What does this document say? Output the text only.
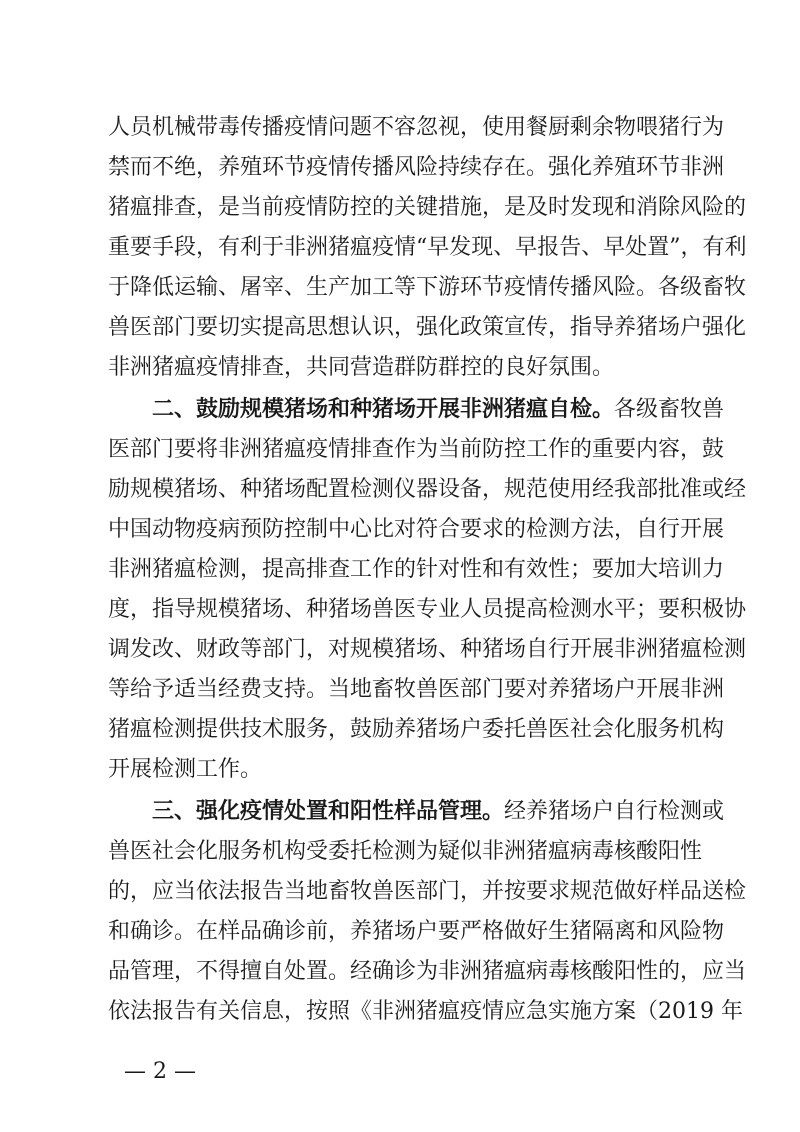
人员机械带毒传播疫情问题不容忽视，使用餐厨剩余物喂猪行为
禁而不绝，养殖环节疫情传播风险持续存在。强化养殖环节非洲
猪瘟排查，是当前疫情防控的关键措施，是及时发现和消除风险的
重要手段，有利于非洲猪瘟疫情“早发现、早报告、早处置”，有利
于降低运输、屠宰、生产加工等下游环节疫情传播风险。各级畜牧
兽医部门要切实提高思想认识，强化政策宣传，指导养猪场户强化
非洲猪瘟疫情排查，共同营造群防群控的良好氛围。
二、鼓励规模猪场和种猪场开展非洲猪瘟自检。各级畜牧兽
医部门要将非洲猪瘟疫情排查作为当前防控工作的重要内容，鼓
励规模猪场、种猪场配置检测仪器设备，规范使用经我部批准或经
中国动物疫病预防控制中心比对符合要求的检测方法，自行开展
非洲猪瘟检测，提高排查工作的针对性和有效性；要加大培训力
度，指导规模猪场、种猪场兽医专业人员提高检测水平；要积极协
调发改、财政等部门，对规模猪场、种猪场自行开展非洲猪瘟检测
等给予适当经费支持。当地畜牧兽医部门要对养猪场户开展非洲
猪瘟检测提供技术服务，鼓励养猪场户委托兽医社会化服务机构
开展检测工作。
三、强化疫情处置和阳性样品管理。经养猪场户自行检测或
兽医社会化服务机构受委托检测为疑似非洲猪瘟病毒核酸阳性
的，应当依法报告当地畜牧兽医部门，并按要求规范做好样品送检
和确诊。在样品确诊前，养猪场户要严格做好生猪隔离和风险物
品管理，不得擅自处置。经确诊为非洲猪瘟病毒核酸阳性的，应当
依法报告有关信息，按照《非洲猪瘟疫情应急实施方案（2019 年
— 2 —
